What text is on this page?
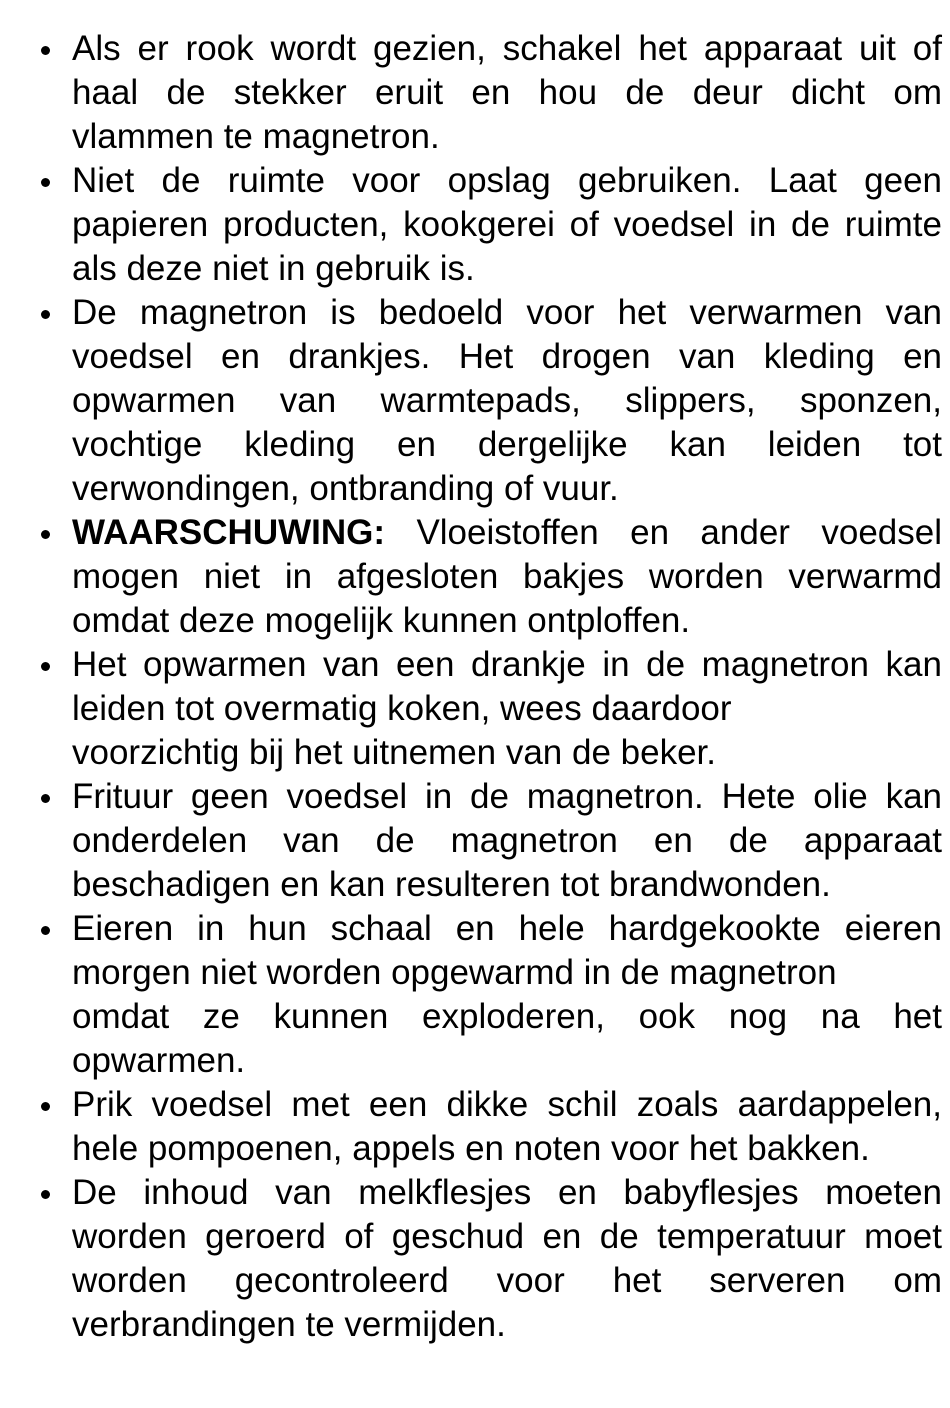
Als er rook wordt gezien, schakel het apparaat uit of
haal de stekker eruit en hou de deur dicht om
vlammen te magnetron.
Niet de ruimte voor opslag gebruiken. Laat geen
papieren producten, kookgerei of voedsel in de ruimte
als deze niet in gebruik is.
De magnetron is bedoeld voor het verwarmen van
voedsel en drankjes. Het drogen van kleding en
opwarmen van warmtepads, slippers, sponzen,
vochtige kleding en dergelijke kan leiden tot
verwondingen, ontbranding of vuur.
WAARSCHUWING: Vloeistoffen en ander voedsel
mogen niet in afgesloten bakjes worden verwarmd
omdat deze mogelijk kunnen ontploffen.
Het opwarmen van een drankje in de magnetron kan
leiden tot overmatig koken, wees daardoor
voorzichtig bij het uitnemen van de beker.
Frituur geen voedsel in de magnetron. Hete olie kan
onderdelen van de magnetron en de apparaat
beschadigen en kan resulteren tot brandwonden.
Eieren in hun schaal en hele hardgekookte eieren
morgen niet worden opgewarmd in de magnetron
omdat ze kunnen exploderen, ook nog na het
opwarmen.
Prik voedsel met een dikke schil zoals aardappelen,
hele pompoenen, appels en noten voor het bakken.
De inhoud van melkflesjes en babyflesjes moeten
worden geroerd of geschud en de temperatuur moet
worden gecontroleerd voor het serveren om
verbrandingen te vermijden.
